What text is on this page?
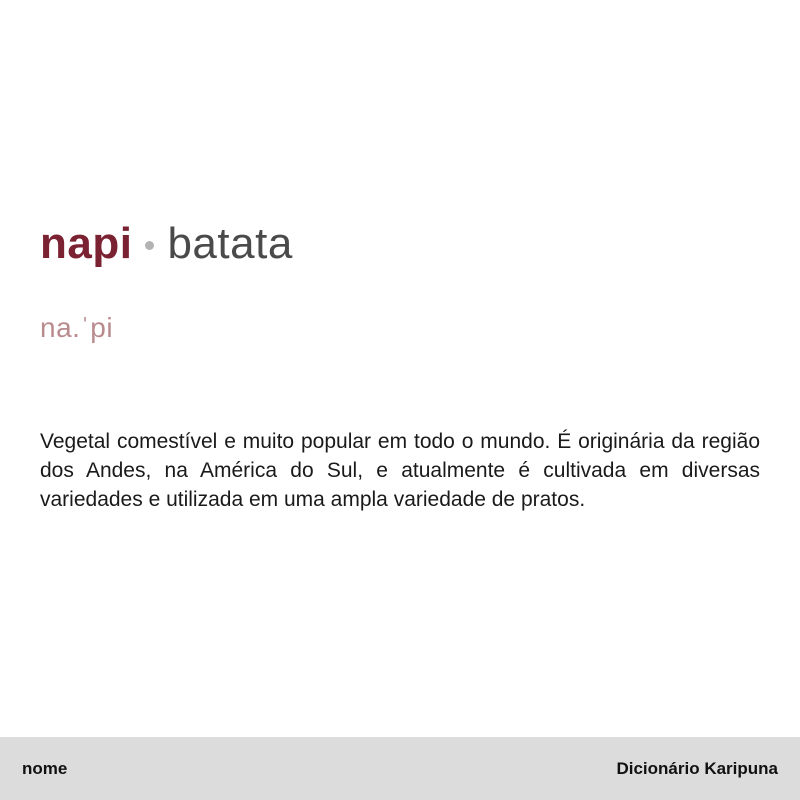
napi batata
na.ˈpi

Vegetal comestível e muito popular em todo o mundo. É originária da região dos Andes, na América do Sul, e atualmente é cultivada em diversas variedades e utilizada em uma ampla variedade de pratos.

nome	Dicionário Karipuna
